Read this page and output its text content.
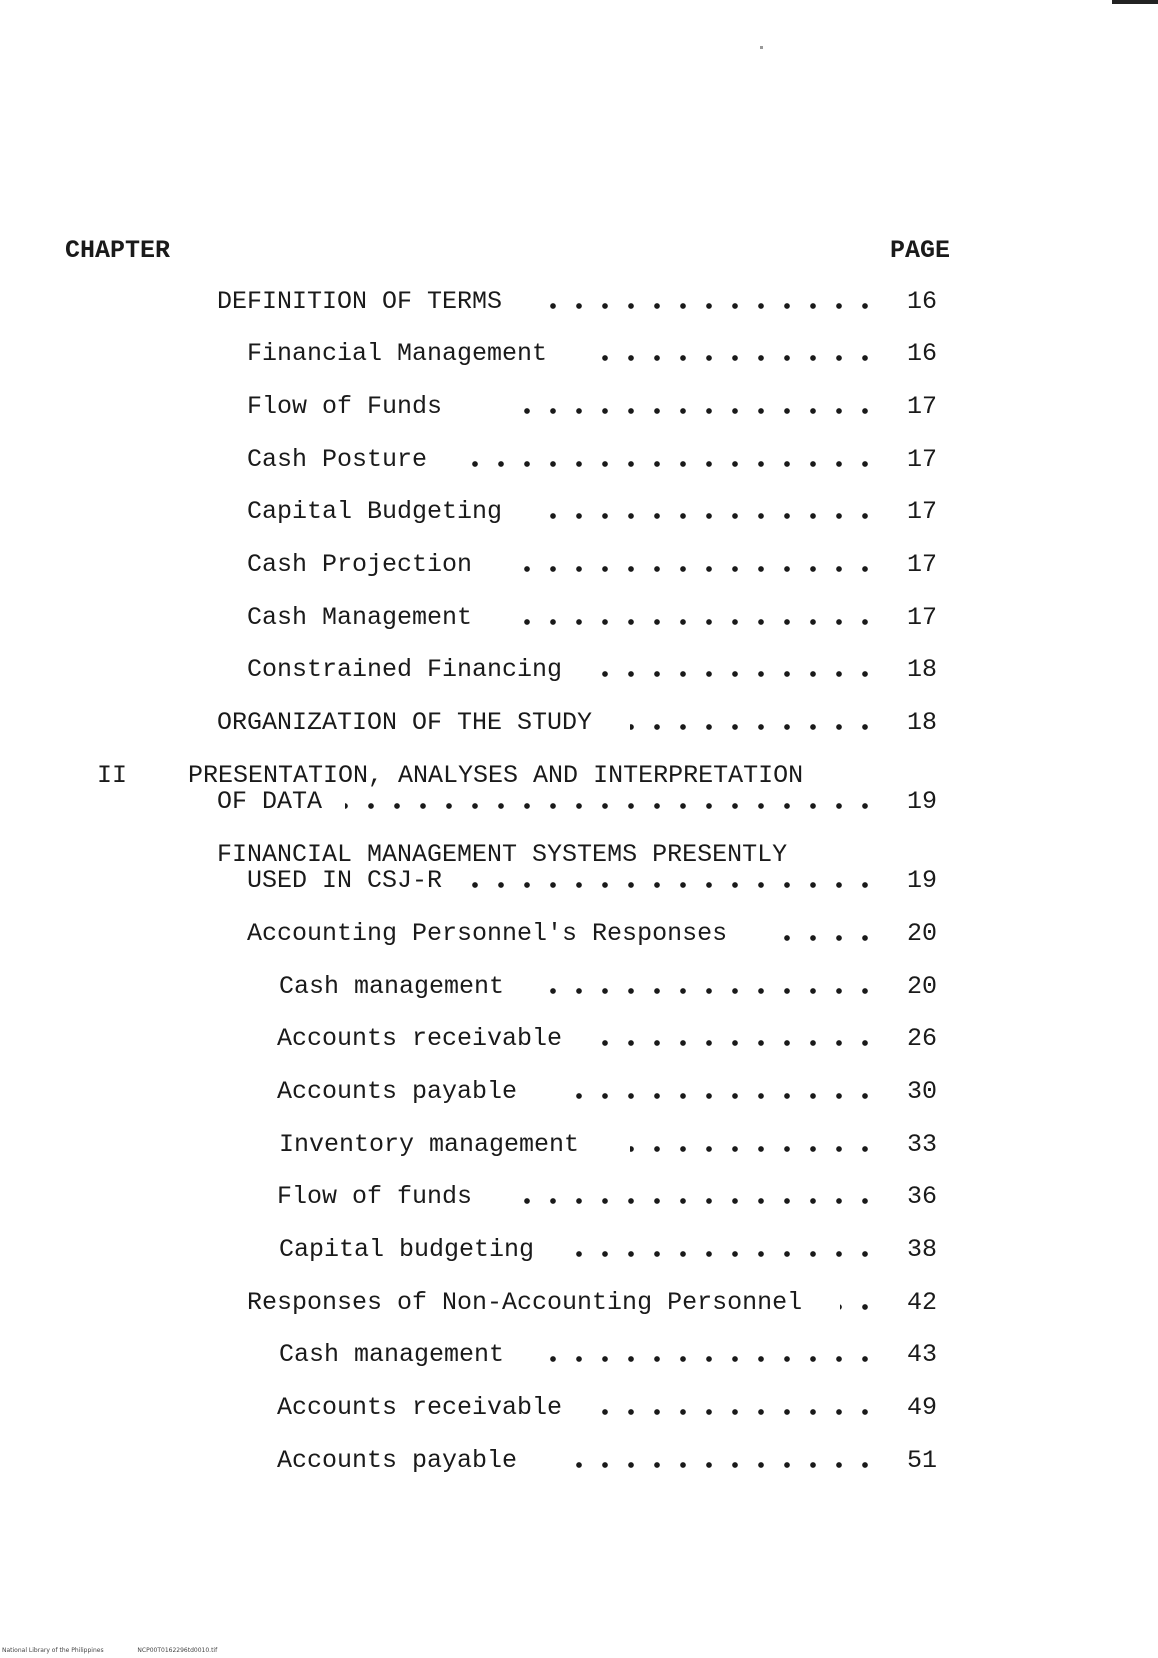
CHAPTER	PAGE
DEFINITION OF TERMS	16
Financial Management	16
Flow of Funds	17
Cash Posture	17
Capital Budgeting	17
Cash Projection	17
Cash Management	17
Constrained Financing	18
ORGANIZATION OF THE STUDY	18
II PRESENTATION, ANALYSES AND INTERPRETATION
OF DATA	19
FINANCIAL MANAGEMENT SYSTEMS PRESENTLY
USED IN CSJ-R	19
Accounting Personnel's Responses	20
Cash management	20
Accounts receivable	26
Accounts payable	30
Inventory management	33
Flow of funds	36
Capital budgeting	38
Responses of Non-Accounting Personnel	42
Cash management	43
Accounts receivable	49
Accounts payable	51
National Library of the Philippines	NCP00T0162296td0010.tif
